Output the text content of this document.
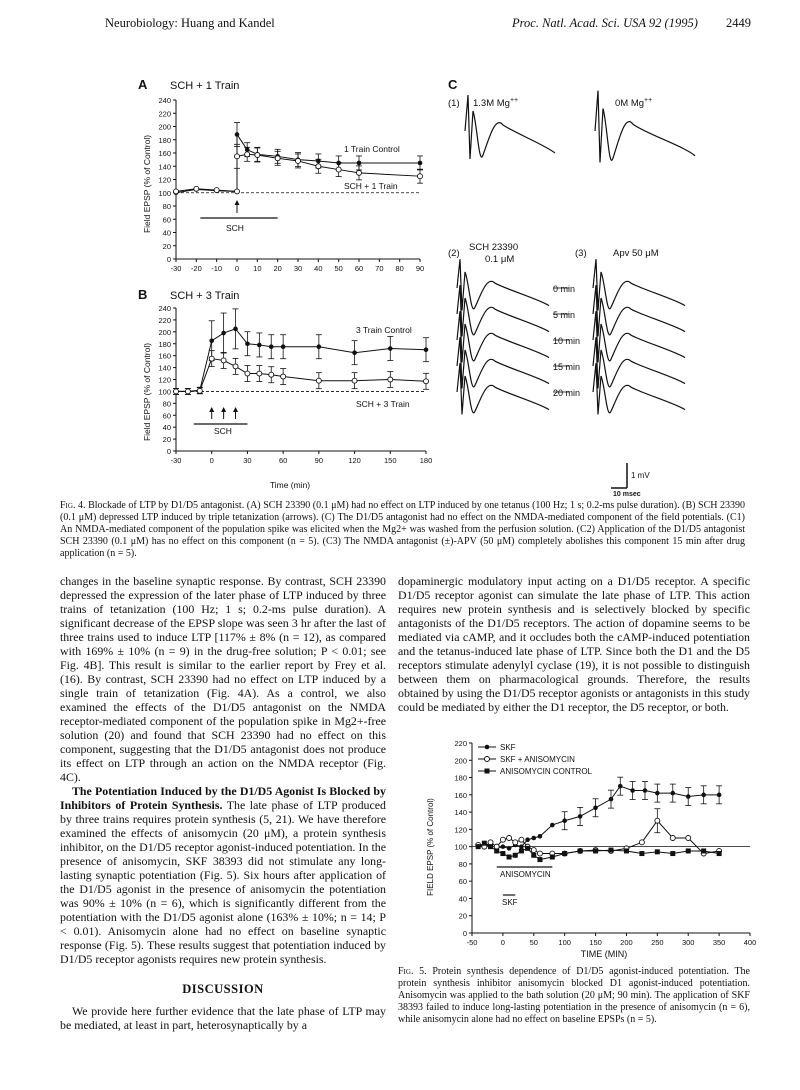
Neurobiology: Huang and Kandel	Proc. Natl. Acad. Sci. USA 92 (1995) 2449
A SCH + 1 Train
Field EPSP (% of Control)
0
20
40
60
80
100
120
140
160
180
200
220
240
-30 -20 -10 0 10 20 30 40 50 60 70 80 90
1 Train Control
SCH + 1 Train
SCH
B SCH + 3 Train
Field EPSP (% of Control)
Time (min)
0
20
40
60
80
100
120
140
160
180
200
220
240
-30	0	30	60	90	120	150	180
3 Train Control
SCH + 3 Train
SCH
C
(1) 1.3M Mg++	0M Mg++
(2)
SCH 23390
0.1 μM
(3)	Apv 50 μM
0 min
5 min
10 min
15 min
20 min
1 mV
10 msec
Fig. 4. Blockade of LTP by D1/D5 antagonist. (A) SCH 23390 (0.1 μM) had no effect on LTP induced by one tetanus (100 Hz; 1 s; 0.2-ms pulse duration). (B) SCH 23390 (0.1 μM) depressed LTP induced by triple tetanization (arrows). (C) The D1/D5 antagonist had no effect on the NMDA-mediated component of the field potentials. (C1) An NMDA-mediated component of the population spike was elicited when the Mg2+ was washed from the perfusion solution. (C2) Application of the D1/D5 antagonist SCH 23390 (0.1 μM) has no effect on this component (n = 5). (C3) The NMDA antagonist (±)-APV (50 μM) completely abolishes this component 15 min after drug application (n = 5).

changes in the baseline synaptic response. By contrast, SCH 23390 depressed the expression of the later phase of LTP induced by three trains of tetanization (100 Hz; 1 s; 0.2-ms pulse duration). A significant decrease of the EPSP slope was seen 3 hr after the last of three trains used to induce LTP [117% ± 8% (n = 12), as compared with 169% ± 10% (n = 9) in the drug-free solution; P < 0.01; see Fig. 4B]. This result is similar to the earlier report by Frey et al. (16). By contrast, SCH 23390 had no effect on LTP induced by a single train of tetanization (Fig. 4A). As a control, we also examined the effects of the D1/D5 antagonist on the NMDA receptor-mediated component of the population spike in Mg2+-free solution (20) and found that SCH 23390 had no effect on this component, suggesting that the D1/D5 antagonist does not produce its effect on LTP through an action on the NMDA receptor (Fig. 4C).

The Potentiation Induced by the D1/D5 Agonist Is Blocked by Inhibitors of Protein Synthesis. The late phase of LTP produced by three trains requires protein synthesis (5, 21). We have therefore examined the effects of anisomycin (20 μM), a protein synthesis inhibitor, on the D1/D5 receptor agonist-induced potentiation. In the presence of anisomycin, SKF 38393 did not stimulate any long-lasting synaptic potentiation (Fig. 5). Six hours after application of the D1/D5 agonist in the presence of anisomycin the potentiation was 90% ± 10% (n = 6), which is significantly different from the potentiation with the D1/D5 agonist alone (163% ± 10%; n = 14; P < 0.01). Anisomycin alone had no effect on baseline synaptic response (Fig. 5). These results suggest that potentiation induced by D1/D5 receptor agonists requires new protein synthesis.

DISCUSSION

We provide here further evidence that the late phase of LTP may be mediated, at least in part, heterosynaptically by a

dopaminergic modulatory input acting on a D1/D5 receptor. A specific D1/D5 receptor agonist can simulate the late phase of LTP. This action requires new protein synthesis and is selectively blocked by specific antagonists of the D1/D5 receptors. The action of dopamine seems to be mediated via cAMP, and it occludes both the cAMP-induced potentiation and the tetanus-induced late phase of LTP. Since both the D1 and the D5 receptors stimulate adenylyl cyclase (19), it is not possible to distinguish between them on pharmacological grounds. Therefore, the results obtained by using the D1/D5 receptor agonists or antagonists in this study could be mediated by either the D1 receptor, the D5 receptor, or both.

FIELD EPSP (% of Control)
TIME (MIN)
0
20
40
60
80
100
120
140
160
180
200
220
-50	0	50	100 150 200 250 300 350 400
SKF
SKF + ANISOMYCIN
ANISOMYCIN CONTROL
ANISOMYCIN
SKF
Fig. 5. Protein synthesis dependence of D1/D5 agonist-induced potentiation. The protein synthesis inhibitor anisomycin blocked D1 agonist-induced potentiation. Anisomycin was applied to the bath solution (20 μM; 90 min). The application of SKF 38393 failed to induce long-lasting potentiation in the presence of anisomycin (n = 6), while anisomycin alone had no effect on baseline EPSPs (n = 5).
